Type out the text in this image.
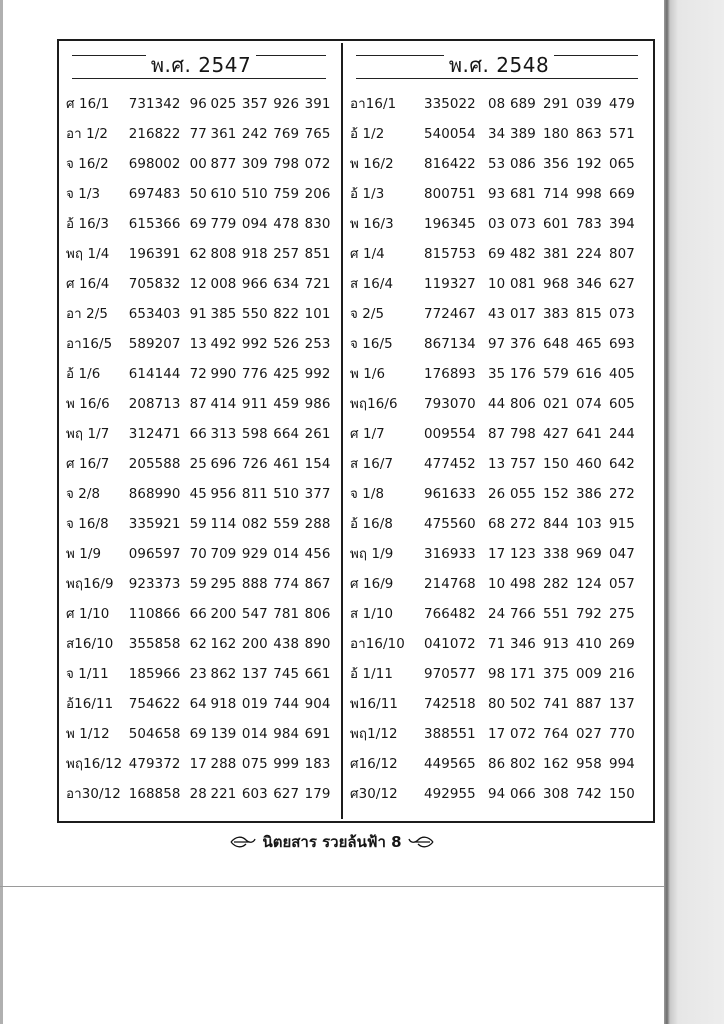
พ.ศ. 2547
ศ 16/1	731342 96 025 357 926 391
อา 1/2	216822 77 361 242 769 765
จ 16/2	698002 00 877 309 798 072
จ 1/3	697483 50 610 510 759 206
อ้ 16/3	615366 69 779 094 478 830
พฤ 1/4	196391 62 808 918 257 851
ศ 16/4	705832 12 008 966 634 721
อา 2/5	653403 91 385 550 822 101
อา16/5	589207 13 492 992 526 253
อ้ 1/6	614144 72 990 776 425 992
พ 16/6	208713 87 414 911 459 986
พฤ 1/7	312471 66 313 598 664 261
ศ 16/7	205588 25 696 726 461 154
จ 2/8	868990 45 956 811 510 377
จ 16/8	335921 59 114 082 559 288
พ 1/9	096597 70 709 929 014 456
พฤ16/9	923373 59 295 888 774 867
ศ 1/10	110866 66 200 547 781 806
ส16/10	355858 62 162 200 438 890
จ 1/11	185966 23 862 137 745 661
อ้16/11	754622 64 918 019 744 904
พ 1/12	504658 69 139 014 984 691
พฤ16/12 479372 17 288 075 999 183
อา30/12 168858 28 221 603 627 179
พ.ศ. 2548
อา16/1	335022 08 689 291 039 479
อ้ 1/2	540054 34 389 180 863 571
พ 16/2	816422 53 086 356 192 065
อ้ 1/3	800751 93 681 714 998 669
พ 16/3	196345 03 073 601 783 394
ศ 1/4	815753 69 482 381 224 807
ส 16/4	119327 10 081 968 346 627
จ 2/5	772467 43 017 383 815 073
จ 16/5	867134 97 376 648 465 693
พ 1/6	176893 35 176 579 616 405
พฤ16/6	793070 44 806 021 074 605
ศ 1/7	009554 87 798 427 641 244
ส 16/7	477452 13 757 150 460 642
จ 1/8	961633 26 055 152 386 272
อ้ 16/8	475560 68 272 844 103 915
พฤ 1/9	316933 17 123 338 969 047
ศ 16/9	214768 10 498 282 124 057
ส 1/10	766482 24 766 551 792 275
อา16/10	041072 71 346 913 410 269
อ้ 1/11	970577 98 171 375 009 216
พ16/11	742518 80 502 741 887 137
พฤ1/12	388551 17 072 764 027 770
ศ16/12	449565 86 802 162 958 994
ศ30/12	492955 94 066 308 742 150
นิตยสาร รวยล้นฟ้า 8
